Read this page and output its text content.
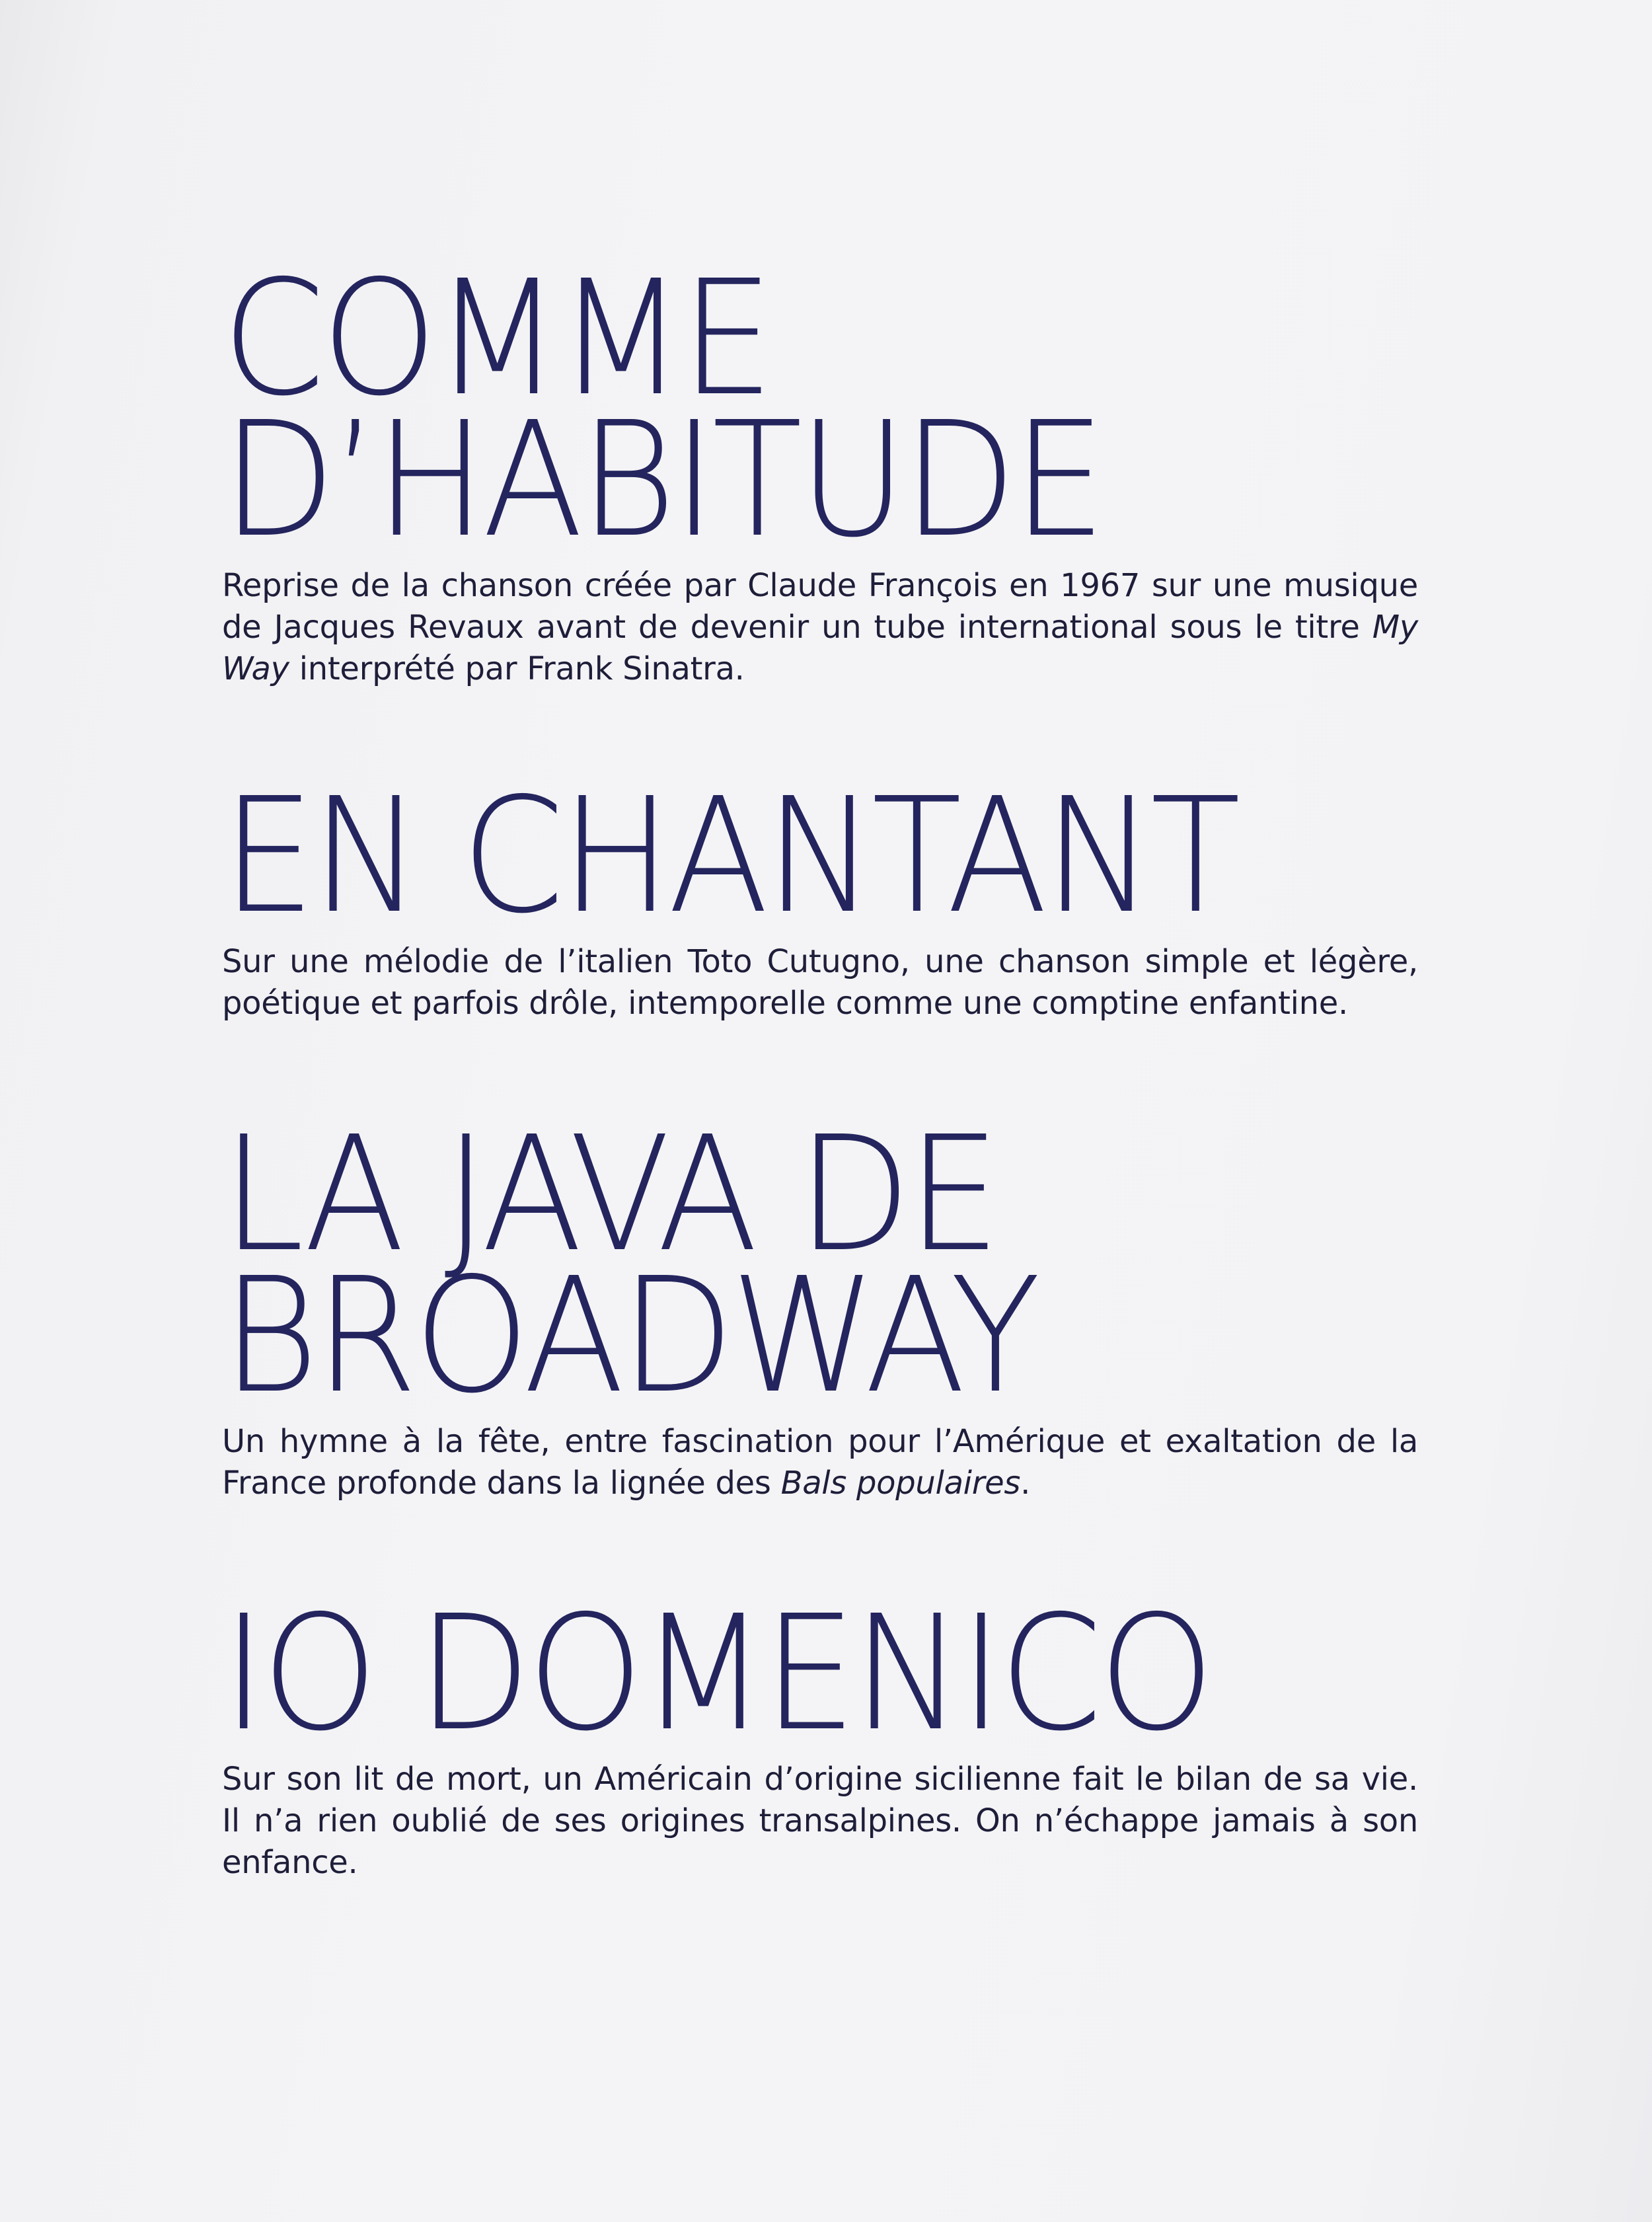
COMME
D’HABITUDE

Reprise de la chanson créée par Claude François en 1967 sur une musique de Jacques Revaux avant de devenir un tube international sous le titre My Way interprété par Frank Sinatra.

EN CHANTANT

Sur une mélodie de l’italien Toto Cutugno, une chanson simple et légère, poétique et parfois drôle, intemporelle comme une comptine enfantine.

LA JAVA DE
BROADWAY

Un hymne à la fête, entre fascination pour l’Amérique et exaltation de la France profonde dans la lignée des Bals populaires.

IO DOMENICO

Sur son lit de mort, un Américain d’origine sicilienne fait le bilan de sa vie. Il n’a rien oublié de ses origines transalpines. On n’échappe jamais à son enfance.
